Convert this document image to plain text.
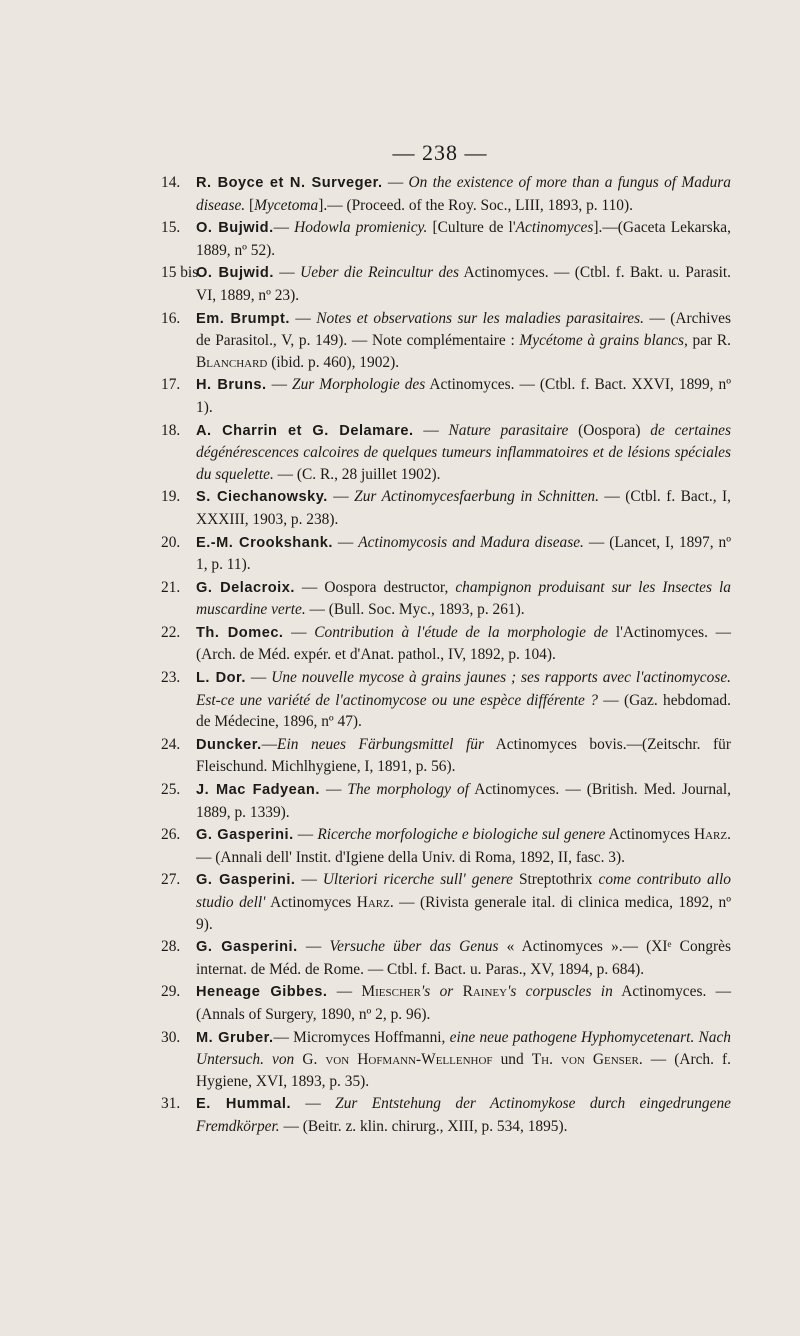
— 238 —
14. R. Boyce et N. Surveger. — On the existence of more than a fungus of Madura disease. [Mycetoma].— (Proceed. of the Roy. Soc., LIII, 1893, p. 110).
15. O. Bujwid.— Hodowla promienicy. [Culture de l'Actinomyces].—(Gaceta Lekarska, 1889, nº 52).
15 bis.
O. Bujwid. — Ueber die Reincultur des Actinomyces. — (Ctbl. f. Bakt. u. Parasit. VI, 1889, nº 23).
16. Em. Brumpt. — Notes et observations sur les maladies parasitaires. — (Archives de Parasitol., V, p. 149). — Note complémentaire : Mycétome à grains blancs, par R. Blanchard (ibid. p. 460), 1902).
17. H. Bruns. — Zur Morphologie des Actinomyces. — (Ctbl. f. Bact. XXVI, 1899, nº 1).
18. A. Charrin et G. Delamare. — Nature parasitaire (Oospora) de certaines dégénérescences calcoires de quelques tumeurs inflammatoires et de lésions spéciales du squelette. — (C. R., 28 juillet 1902).
19. S. Ciechanowsky. — Zur Actinomycesfaerbung in Schnitten. — (Ctbl. f. Bact., I, XXXIII, 1903, p. 238).
20. E.-M. Crookshank. — Actinomycosis and Madura disease. — (Lancet, I, 1897, nº 1, p. 11).
21. G. Delacroix. — Oospora destructor, champignon produisant sur les Insectes la muscardine verte. — (Bull. Soc. Myc., 1893, p. 261).
22. Th. Domec. — Contribution à l'étude de la morphologie de l'Actinomyces. — (Arch. de Méd. expér. et d'Anat. pathol., IV, 1892, p. 104).
23. L. Dor. — Une nouvelle mycose à grains jaunes ; ses rapports avec l'actinomycose. Est-ce une variété de l'actinomycose ou une espèce différente ? — (Gaz. hebdomad. de Médecine, 1896, nº 47).
24. Duncker.—Ein neues Färbungsmittel für Actinomyces bovis.—(Zeitschr. für Fleischund. Michlhygiene, I, 1891, p. 56).
25. J. Mac Fadyean. — The morphology of Actinomyces. — (British. Med. Journal, 1889, p. 1339).
26. G. Gasperini. — Ricerche morfologiche e biologiche sul genere Actinomyces Harz. — (Annali dell' Instit. d'Igiene della Univ. di Roma, 1892, II, fasc. 3).
27. G. Gasperini. — Ulteriori ricerche sull' genere Streptothrix come contributo allo studio dell' Actinomyces Harz. — (Rivista generale ital. di clinica medica, 1892, nº 9).
28. G. Gasperini. — Versuche über das Genus « Actinomyces ».— (XIᵉ Congrès internat. de Méd. de Rome. — Ctbl. f. Bact. u. Paras., XV, 1894, p. 684).
29. Heneage Gibbes. — Miescher's or Rainey's corpuscles in Actinomyces. — (Annals of Surgery, 1890, nº 2, p. 96).
30. M. Gruber.— Micromyces Hoffmanni, eine neue pathogene Hyphomycetenart. Nach Untersuch. von G. von Hofmann-Wellenhof und Th. von Genser. — (Arch. f. Hygiene, XVI, 1893, p. 35).
31. E. Hummal. — Zur Entstehung der Actinomykose durch eingedrungene Fremdkörper. — (Beitr. z. klin. chirurg., XIII, p. 534, 1895).
